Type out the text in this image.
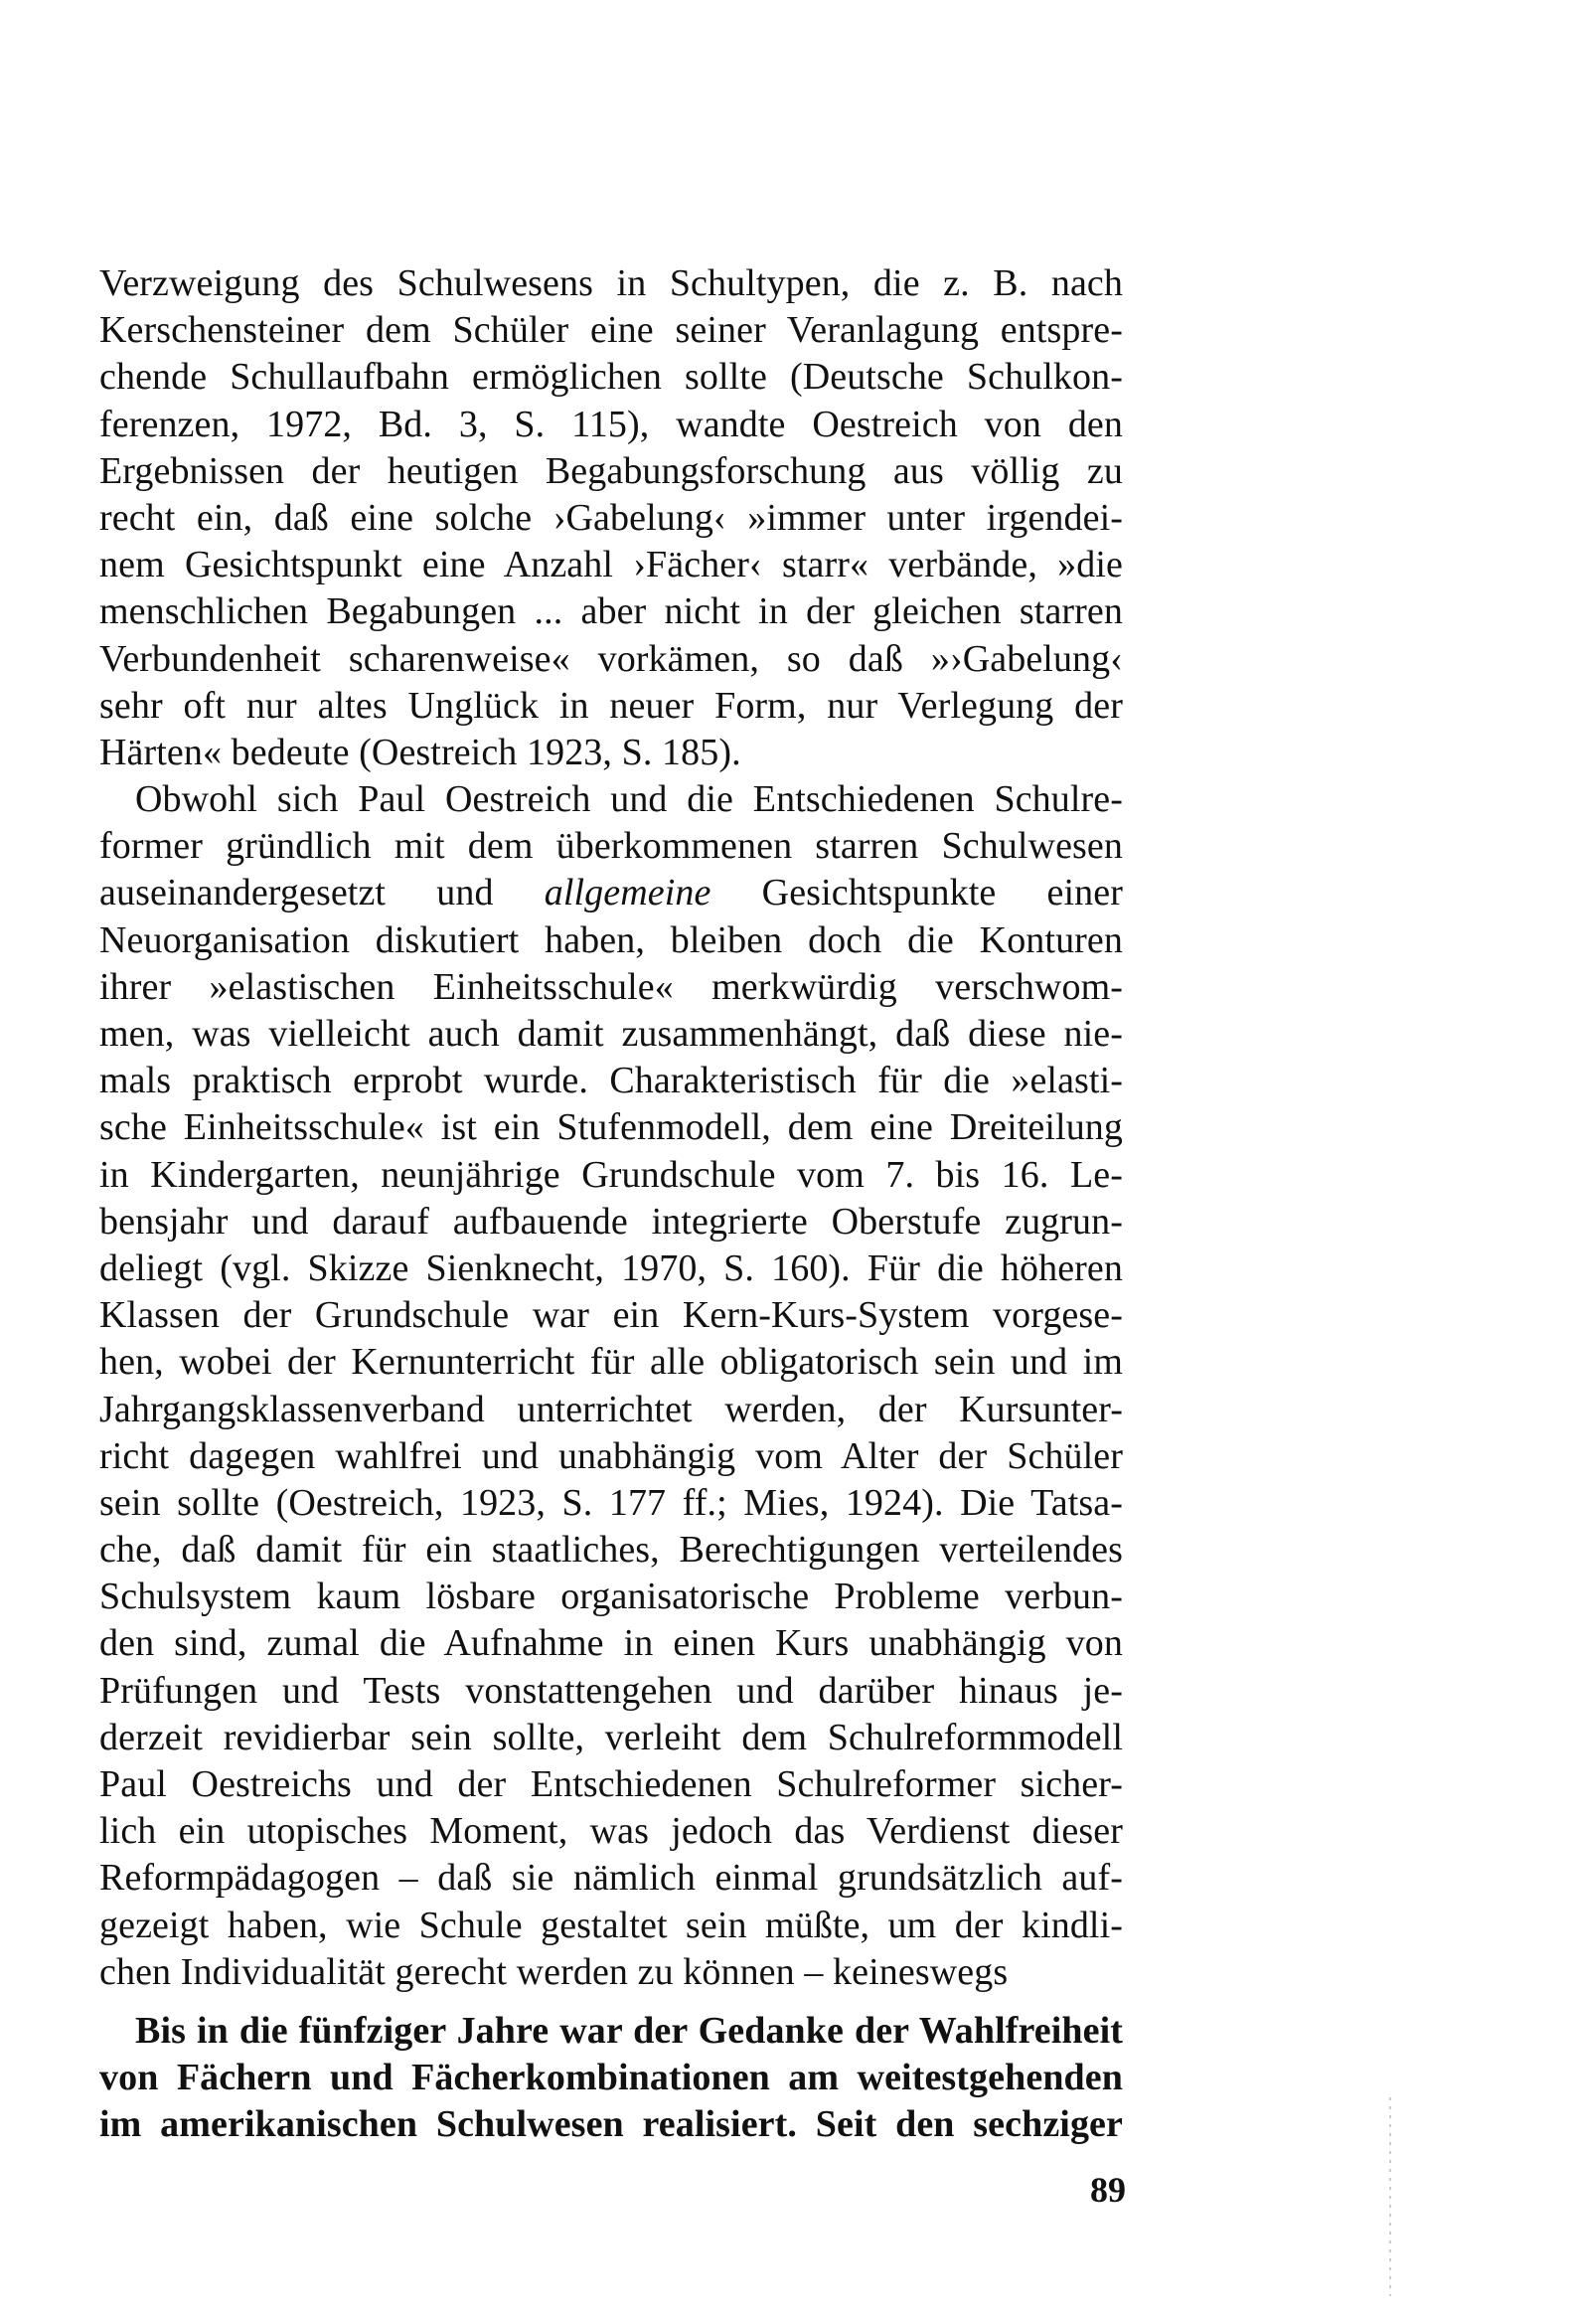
Verzweigung des Schulwesens in Schultypen, die z. B. nach
Kerschensteiner dem Schüler eine seiner Veranlagung entspre-
chende Schullaufbahn ermöglichen sollte (Deutsche Schulkon-
ferenzen, 1972, Bd. 3, S. 115), wandte Oestreich von den
Ergebnissen der heutigen Begabungsforschung aus völlig zu
recht ein, daß eine solche ›Gabelung‹ »immer unter irgendei-
nem Gesichtspunkt eine Anzahl ›Fächer‹ starr« verbände, »die
menschlichen Begabungen ... aber nicht in der gleichen starren
Verbundenheit scharenweise« vorkämen, so daß »›Gabelung‹
sehr oft nur altes Unglück in neuer Form, nur Verlegung der
Härten« bedeute (Oestreich 1923, S. 185).
Obwohl sich Paul Oestreich und die Entschiedenen Schulre-
former gründlich mit dem überkommenen starren Schulwesen
auseinandergesetzt und allgemeine Gesichtspunkte einer
Neuorganisation diskutiert haben, bleiben doch die Konturen
ihrer »elastischen Einheitsschule« merkwürdig verschwom-
men, was vielleicht auch damit zusammenhängt, daß diese nie-
mals praktisch erprobt wurde. Charakteristisch für die »elasti-
sche Einheitsschule« ist ein Stufenmodell, dem eine Dreiteilung
in Kindergarten, neunjährige Grundschule vom 7. bis 16. Le-
bensjahr und darauf aufbauende integrierte Oberstufe zugrun-
deliegt (vgl. Skizze Sienknecht, 1970, S. 160). Für die höheren
Klassen der Grundschule war ein Kern-Kurs-System vorgese-
hen, wobei der Kernunterricht für alle obligatorisch sein und im
Jahrgangsklassenverband unterrichtet werden, der Kursunter-
richt dagegen wahlfrei und unabhängig vom Alter der Schüler
sein sollte (Oestreich, 1923, S. 177 ff.; Mies, 1924). Die Tatsa-
che, daß damit für ein staatliches, Berechtigungen verteilendes
Schulsystem kaum lösbare organisatorische Probleme verbun-
den sind, zumal die Aufnahme in einen Kurs unabhängig von
Prüfungen und Tests vonstattengehen und darüber hinaus je-
derzeit revidierbar sein sollte, verleiht dem Schulreformmodell
Paul Oestreichs und der Entschiedenen Schulreformer sicher-
lich ein utopisches Moment, was jedoch das Verdienst dieser
Reformpädagogen – daß sie nämlich einmal grundsätzlich auf-
gezeigt haben, wie Schule gestaltet sein müßte, um der kindli-
chen Individualität gerecht werden zu können – keineswegs
Bis in die fünfziger Jahre war der Gedanke der Wahlfreiheit
von Fächern und Fächerkombinationen am weitestgehenden
im amerikanischen Schulwesen realisiert. Seit den sechziger
89
